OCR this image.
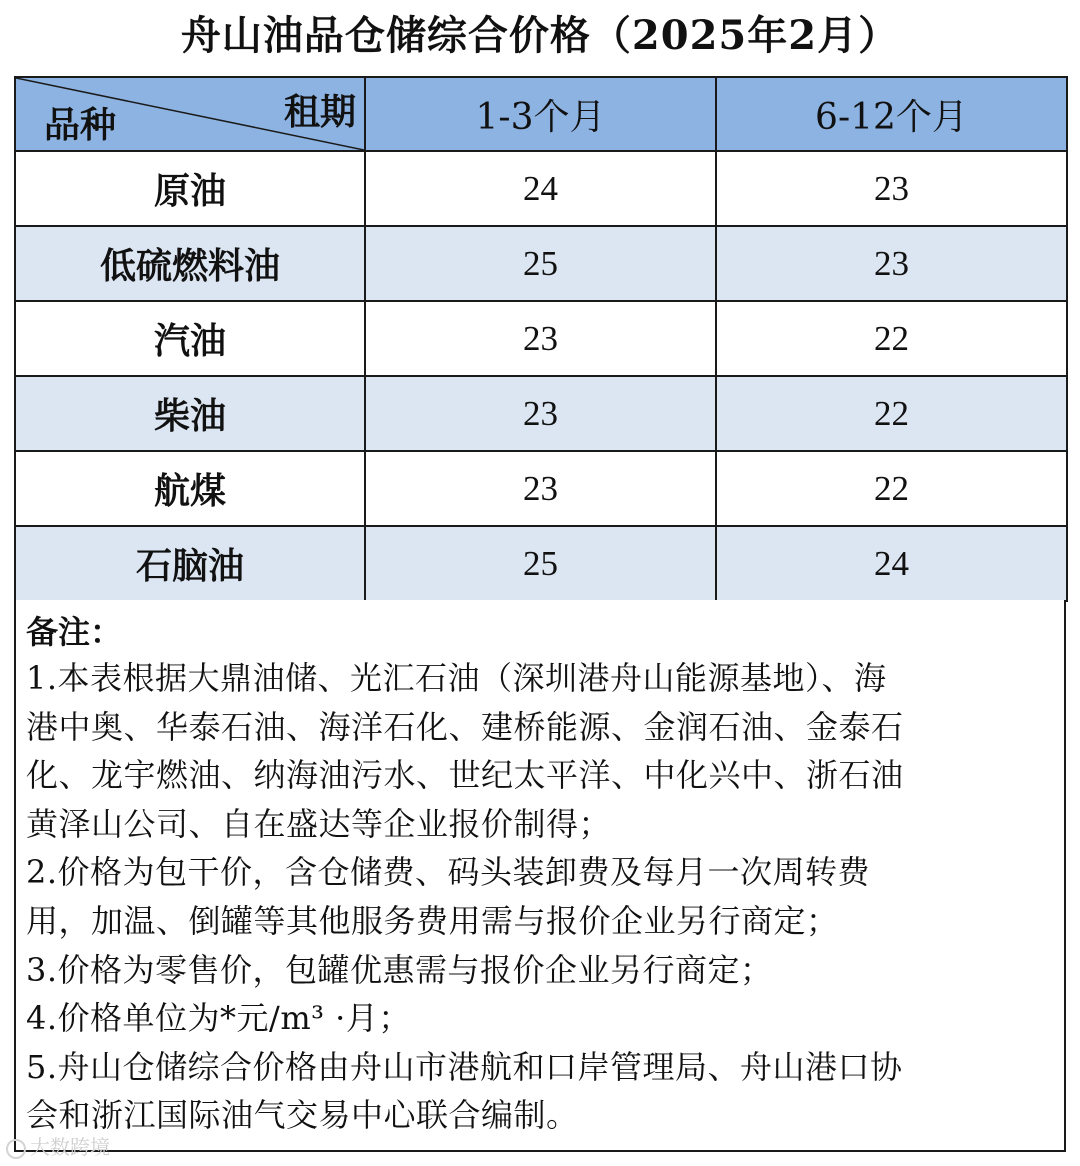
舟山油品仓储综合价格（2025年2月）
租期
品种	1-3个月	6-12个月
原油	24	23
低硫燃料油	25	23
汽油	23	22
柴油	23	22
航煤	23	22
石脑油	25	24
备注：
1.本表根据大鼎油储、光汇石油（深圳港舟山能源基地）、海
港中奥、华泰石油、海洋石化、建桥能源、金润石油、金泰石
化、龙宇燃油、纳海油污水、世纪太平洋、中化兴中、浙石油
黄泽山公司、自在盛达等企业报价制得；
2.价格为包干价，含仓储费、码头装卸费及每月一次周转费
用，加温、倒罐等其他服务费用需与报价企业另行商定；
3.价格为零售价，包罐优惠需与报价企业另行商定；
4.价格单位为*元/m³ ·月；
5.舟山仓储综合价格由舟山市港航和口岸管理局、舟山港口协
会和浙江国际油气交易中心联合编制。
大数跨境
